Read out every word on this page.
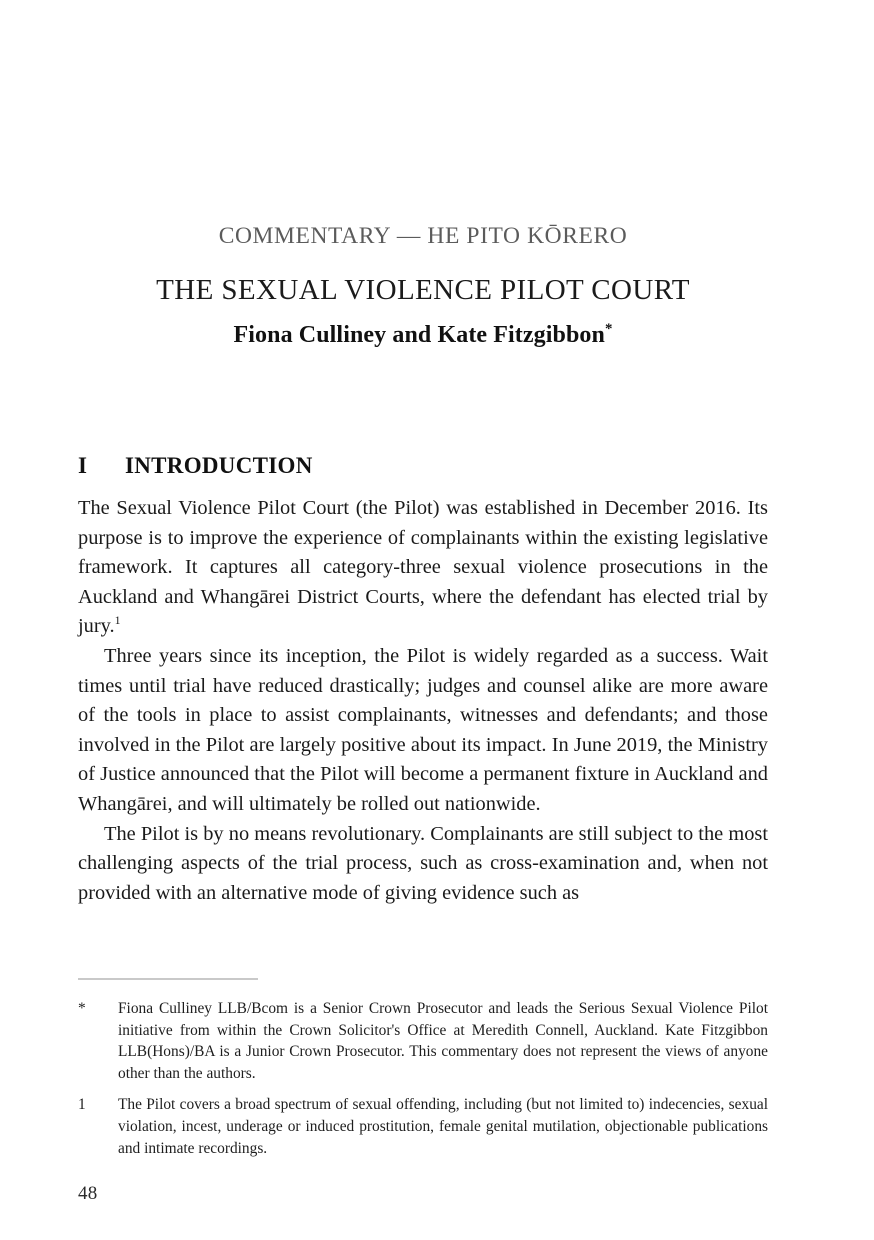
COMMENTARY — HE PITO KŌRERO
THE SEXUAL VIOLENCE PILOT COURT
Fiona Culliney and Kate Fitzgibbon*
I	INTRODUCTION

The Sexual Violence Pilot Court (the Pilot) was established in December 2016. Its purpose is to improve the experience of complainants within the existing legislative framework. It captures all category-three sexual violence prosecutions in the Auckland and Whangārei District Courts, where the defendant has elected trial by jury.$^1$

Three years since its inception, the Pilot is widely regarded as a success. Wait times until trial have reduced drastically; judges and counsel alike are more aware of the tools in place to assist complainants, witnesses and defendants; and those involved in the Pilot are largely positive about its impact. In June 2019, the Ministry of Justice announced that the Pilot will become a permanent fixture in Auckland and Whangārei, and will ultimately be rolled out nationwide.

The Pilot is by no means revolutionary. Complainants are still subject to the most challenging aspects of the trial process, such as cross-examination and, when not provided with an alternative mode of giving evidence such as

*	Fiona Culliney LLB/Bcom is a Senior Crown Prosecutor and leads the Serious Sexual Violence Pilot initiative from within the Crown Solicitor's Office at Meredith Connell, Auckland. Kate Fitzgibbon LLB(Hons)/BA is a Junior Crown Prosecutor. This commentary does not represent the views of anyone other than the authors.
1	The Pilot covers a broad spectrum of sexual offending, including (but not limited to) indecencies, sexual violation, incest, underage or induced prostitution, female genital mutilation, objectionable publications and intimate recordings.
48
